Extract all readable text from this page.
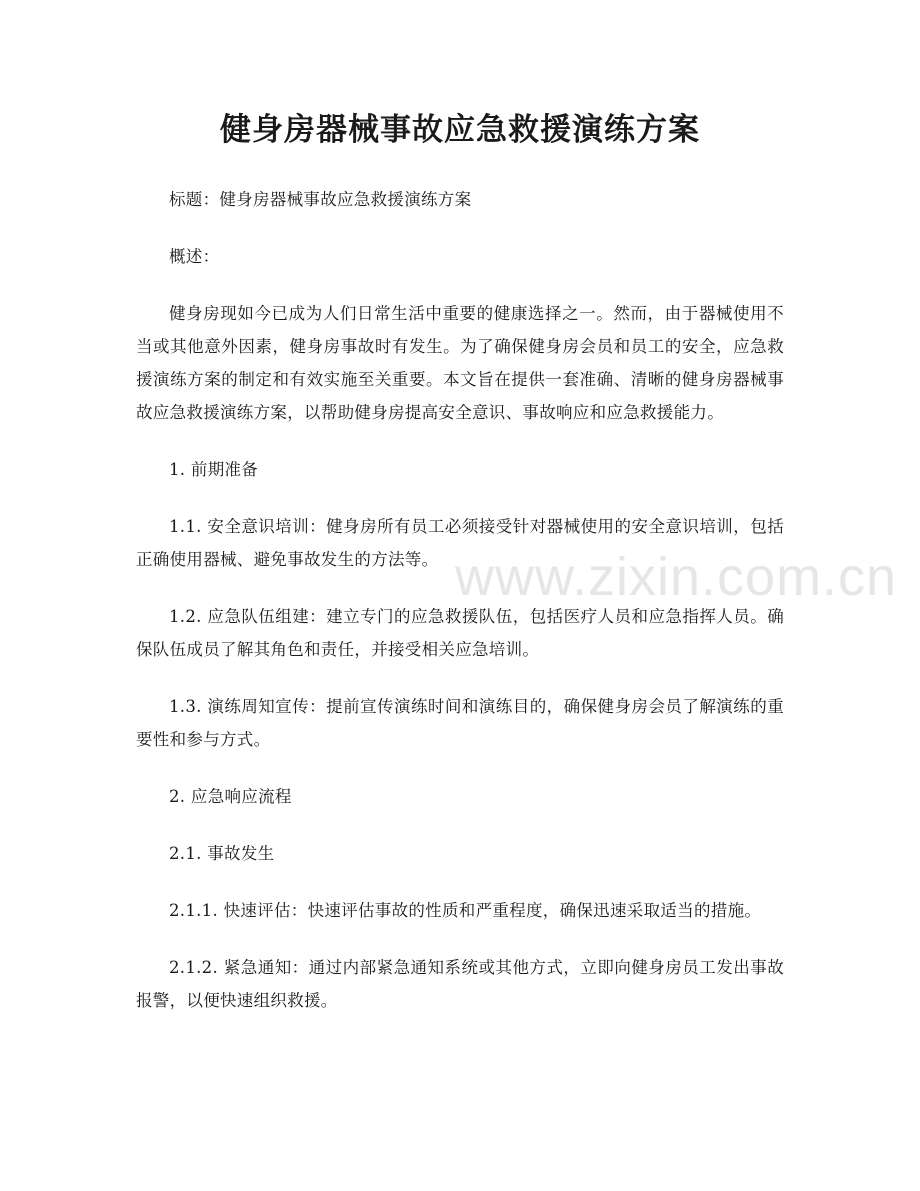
www.zixin.com.cn
健身房器械事故应急救援演练方案

标题：健身房器械事故应急救援演练方案

概述：

健身房现如今已成为人们日常生活中重要的健康选择之一。然而，由于器械使用不当或其他意外因素，健身房事故时有发生。为了确保健身房会员和员工的安全，应急救援演练方案的制定和有效实施至关重要。本文旨在提供一套准确、清晰的健身房器械事故应急救援演练方案，以帮助健身房提高安全意识、事故响应和应急救援能力。

1. 前期准备

1.1. 安全意识培训：健身房所有员工必须接受针对器械使用的安全意识培训，包括正确使用器械、避免事故发生的方法等。

1.2. 应急队伍组建：建立专门的应急救援队伍，包括医疗人员和应急指挥人员。确保队伍成员了解其角色和责任，并接受相关应急培训。

1.3. 演练周知宣传：提前宣传演练时间和演练目的，确保健身房会员了解演练的重要性和参与方式。

2. 应急响应流程

2.1. 事故发生

2.1.1. 快速评估：快速评估事故的性质和严重程度，确保迅速采取适当的措施。

2.1.2. 紧急通知：通过内部紧急通知系统或其他方式，立即向健身房员工发出事故报警，以便快速组织救援。
